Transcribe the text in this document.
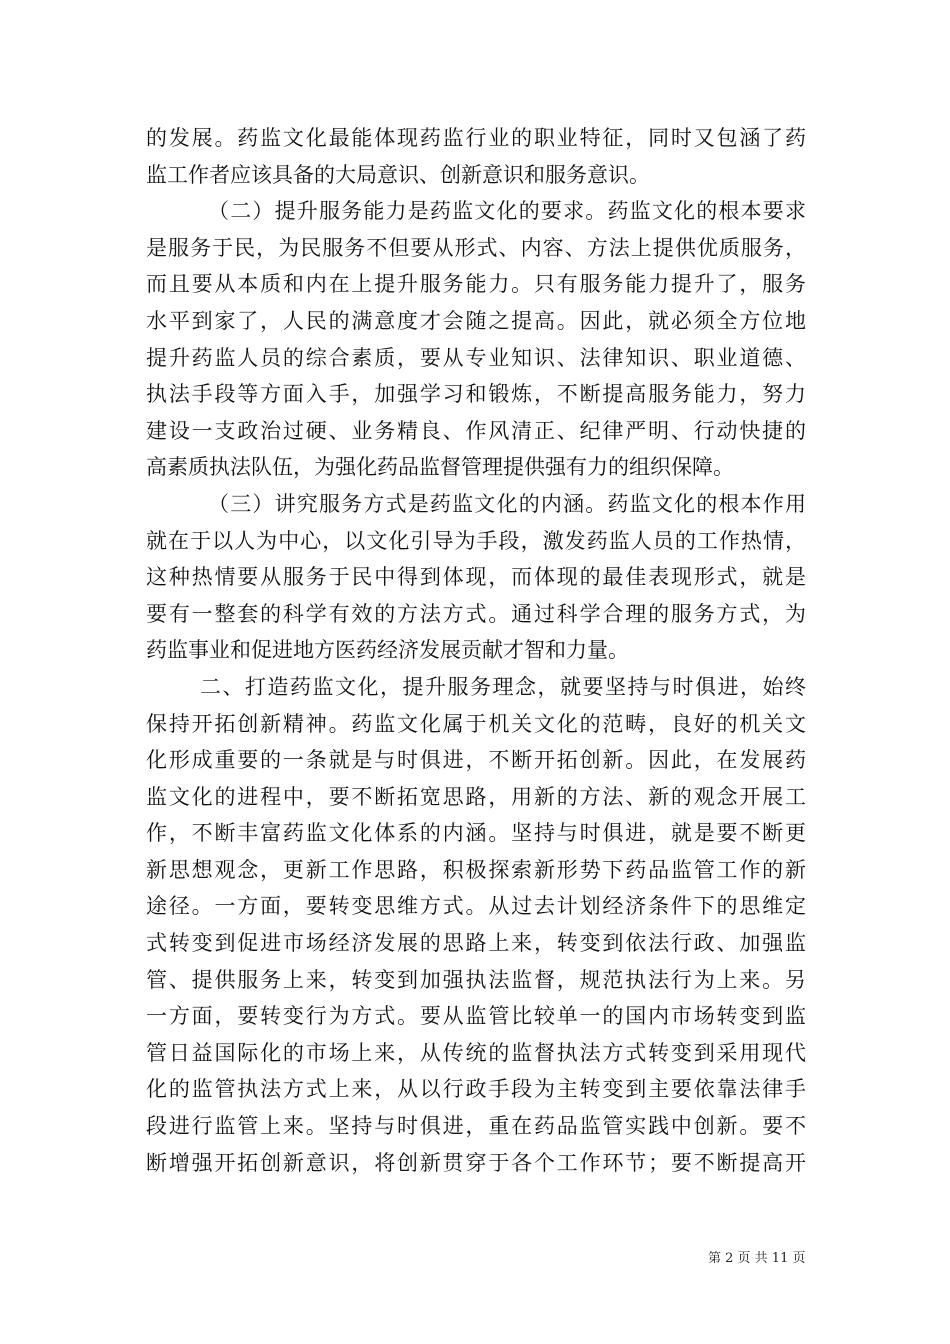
的发展。药监文化最能体现药监行业的职业特征，同时又包涵了药
监工作者应该具备的大局意识、创新意识和服务意识。
（二）提升服务能力是药监文化的要求。药监文化的根本要求
是服务于民，为民服务不但要从形式、内容、方法上提供优质服务，
而且要从本质和内在上提升服务能力。只有服务能力提升了，服务
水平到家了，人民的满意度才会随之提高。因此，就必须全方位地
提升药监人员的综合素质，要从专业知识、法律知识、职业道德、
执法手段等方面入手，加强学习和锻炼，不断提高服务能力，努力
建设一支政治过硬、业务精良、作风清正、纪律严明、行动快捷的
高素质执法队伍，为强化药品监督管理提供强有力的组织保障。
（三）讲究服务方式是药监文化的内涵。药监文化的根本作用
就在于以人为中心，以文化引导为手段，激发药监人员的工作热情，
这种热情要从服务于民中得到体现，而体现的最佳表现形式，就是
要有一整套的科学有效的方法方式。通过科学合理的服务方式，为
药监事业和促进地方医药经济发展贡献才智和力量。
二、打造药监文化，提升服务理念，就要坚持与时俱进，始终
保持开拓创新精神。药监文化属于机关文化的范畴，良好的机关文
化形成重要的一条就是与时俱进，不断开拓创新。因此，在发展药
监文化的进程中，要不断拓宽思路，用新的方法、新的观念开展工
作，不断丰富药监文化体系的内涵。坚持与时俱进，就是要不断更
新思想观念，更新工作思路，积极探索新形势下药品监管工作的新
途径。一方面，要转变思维方式。从过去计划经济条件下的思维定
式转变到促进市场经济发展的思路上来，转变到依法行政、加强监
管、提供服务上来，转变到加强执法监督，规范执法行为上来。另
一方面，要转变行为方式。要从监管比较单一的国内市场转变到监
管日益国际化的市场上来，从传统的监督执法方式转变到采用现代
化的监管执法方式上来，从以行政手段为主转变到主要依靠法律手
段进行监管上来。坚持与时俱进，重在药品监管实践中创新。要不
断增强开拓创新意识，将创新贯穿于各个工作环节；要不断提高开
第 2 页 共 11 页
